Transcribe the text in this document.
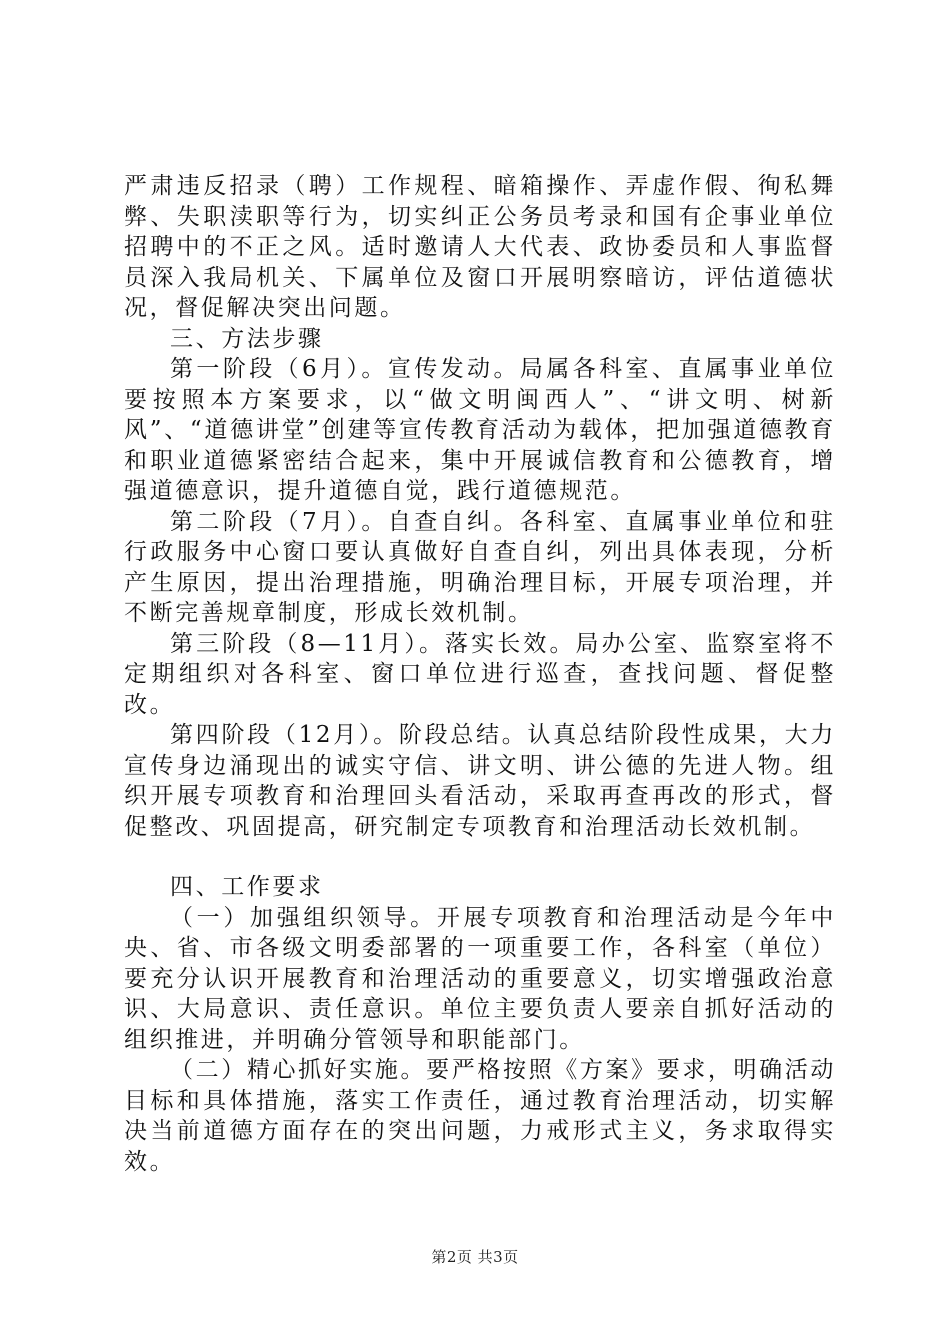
严肃违反招录（聘）工作规程、暗箱操作、弄虚作假、徇私舞弊、失职渎职等行为，切实纠正公务员考录和国有企事业单位招聘中的不正之风。适时邀请人大代表、政协委员和人事监督员深入我局机关、下属单位及窗口开展明察暗访，评估道德状况，督促解决突出问题。

三、方法步骤

第一阶段（6月）。宣传发动。局属各科室、直属事业单位要按照本方案要求，以“做文明闽西人”、“讲文明、树新风”、“道德讲堂”创建等宣传教育活动为载体，把加强道德教育和职业道德紧密结合起来，集中开展诚信教育和公德教育，增强道德意识，提升道德自觉，践行道德规范。

第二阶段（7月）。自查自纠。各科室、直属事业单位和驻行政服务中心窗口要认真做好自查自纠，列出具体表现，分析产生原因，提出治理措施，明确治理目标，开展专项治理，并不断完善规章制度，形成长效机制。

第三阶段（8—11月）。落实长效。局办公室、监察室将不定期组织对各科室、窗口单位进行巡查，查找问题、督促整改。

第四阶段（12月）。阶段总结。认真总结阶段性成果，大力宣传身边涌现出的诚实守信、讲文明、讲公德的先进人物。组织开展专项教育和治理回头看活动，采取再查再改的形式，督促整改、巩固提高，研究制定专项教育和治理活动长效机制。

四、工作要求

（一）加强组织领导。开展专项教育和治理活动是今年中央、省、市各级文明委部署的一项重要工作，各科室（单位）要充分认识开展教育和治理活动的重要意义，切实增强政治意识、大局意识、责任意识。单位主要负责人要亲自抓好活动的组织推进，并明确分管领导和职能部门。

（二）精心抓好实施。要严格按照《方案》要求，明确活动目标和具体措施，落实工作责任，通过教育治理活动，切实解决当前道德方面存在的突出问题，力戒形式主义，务求取得实效。

第2页 共3页
